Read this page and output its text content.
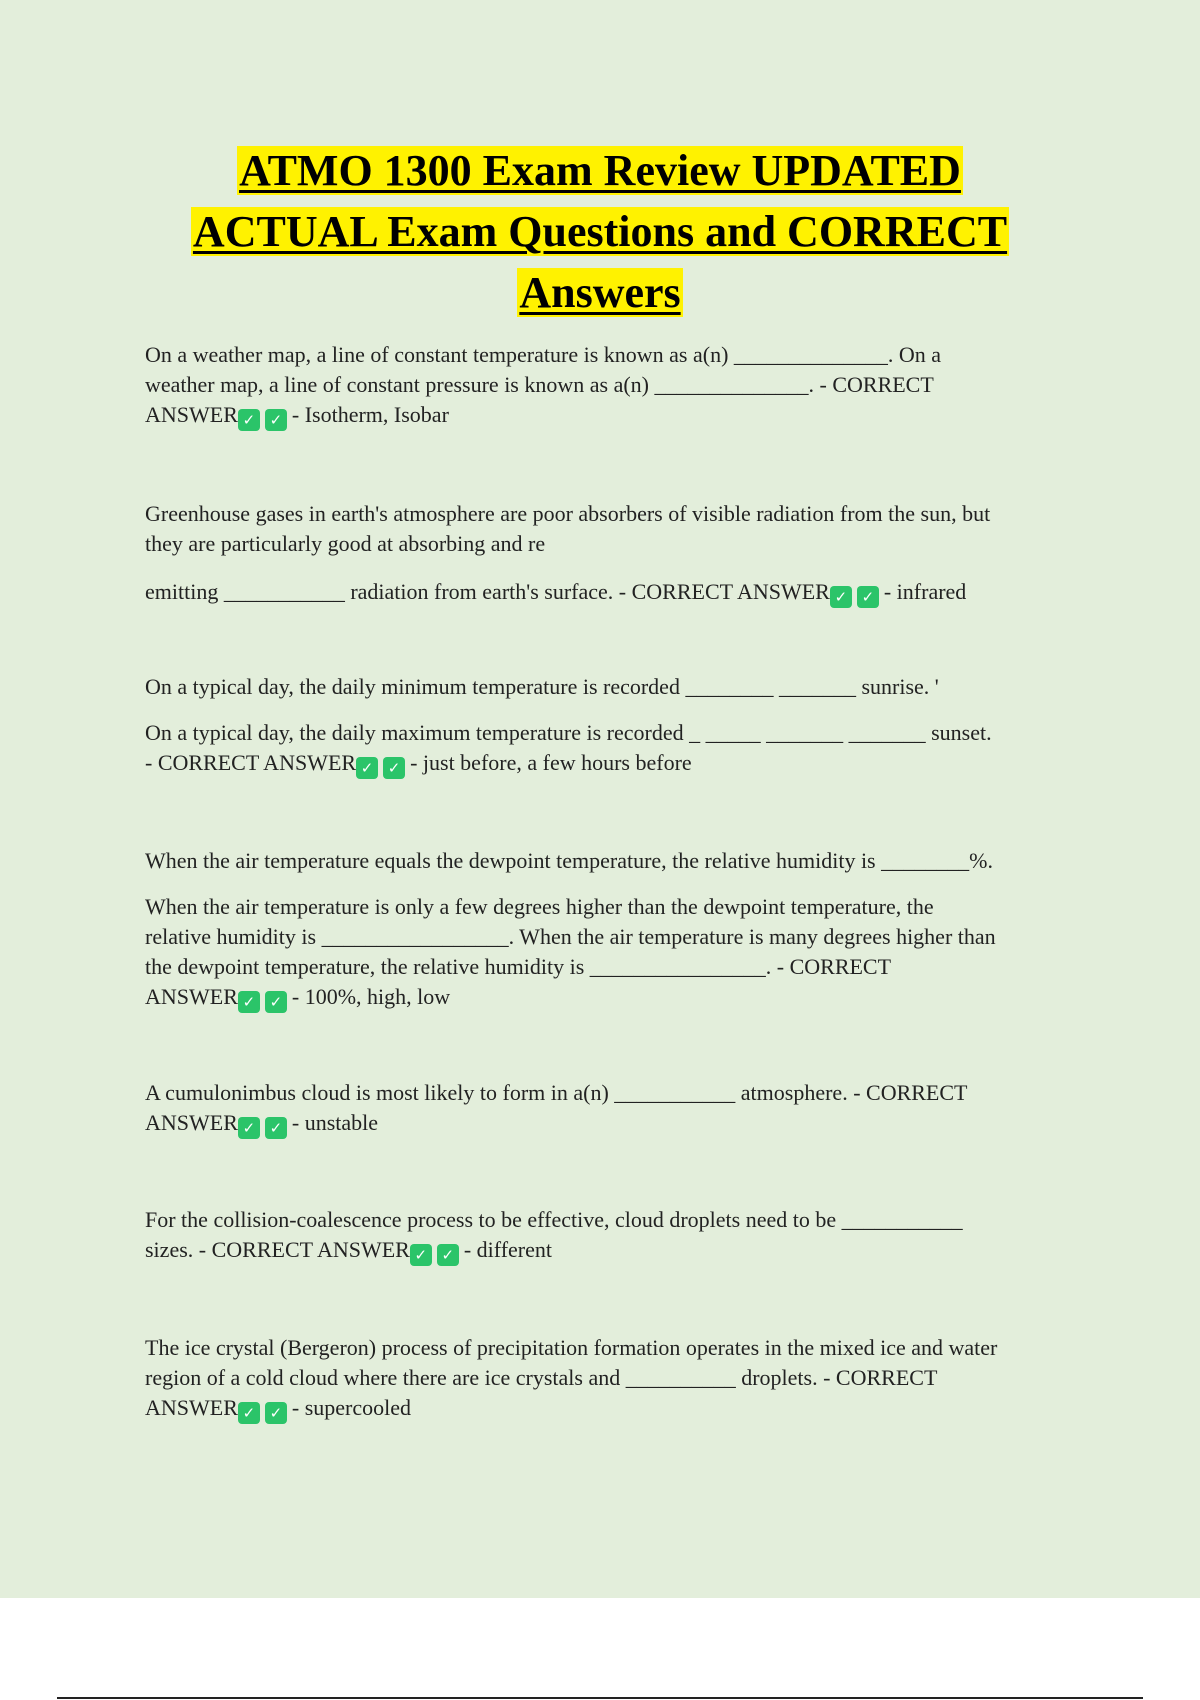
ATMO 1300 Exam Review UPDATED
ACTUAL Exam Questions and CORRECT
Answers

On a weather map, a line of constant temperature is known as a(n) ______________. On a

weather map, a line of constant pressure is known as a(n) ______________. - CORRECT

ANSWER ✓ ✓ - Isotherm, Isobar

Greenhouse gases in earth's atmosphere are poor absorbers of visible radiation from the sun, but

they are particularly good at absorbing and re

emitting ___________ radiation from earth's surface. - CORRECT ANSWER ✓ ✓ - infrared

On a typical day, the daily minimum temperature is recorded ________ _______ sunrise. '

On a typical day, the daily maximum temperature is recorded _ _____ _______ _______ sunset.

- CORRECT ANSWER ✓ ✓ - just before, a few hours before

When the air temperature equals the dewpoint temperature, the relative humidity is ________%.

When the air temperature is only a few degrees higher than the dewpoint temperature, the

relative humidity is _________________. When the air temperature is many degrees higher than

the dewpoint temperature, the relative humidity is ________________. - CORRECT

ANSWER ✓ ✓ - 100%, high, low

A cumulonimbus cloud is most likely to form in a(n) ___________ atmosphere. - CORRECT

ANSWER ✓ ✓ - unstable

For the collision-coalescence process to be effective, cloud droplets need to be ___________

sizes. - CORRECT ANSWER ✓ ✓ - different

The ice crystal (Bergeron) process of precipitation formation operates in the mixed ice and water

region of a cold cloud where there are ice crystals and __________ droplets. - CORRECT

ANSWER ✓ ✓ - supercooled
